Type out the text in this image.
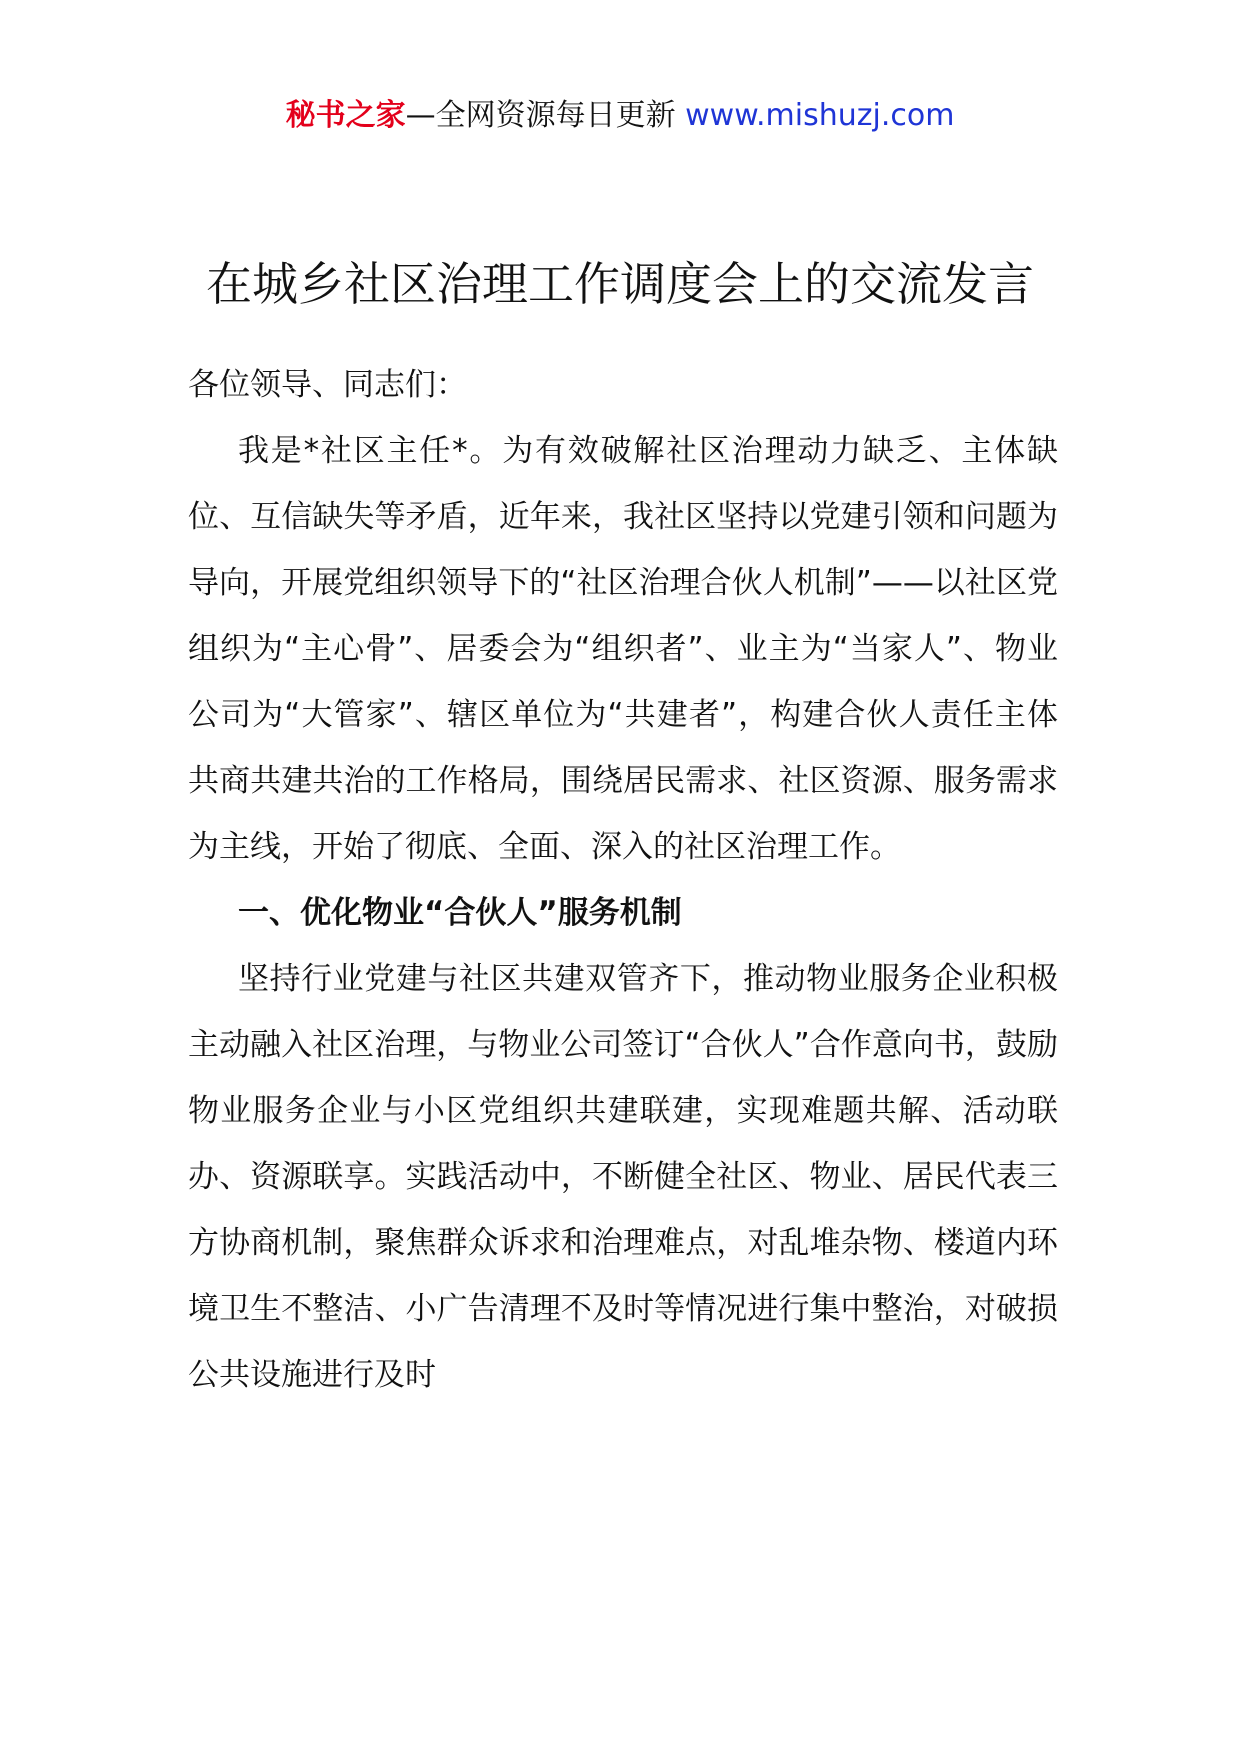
秘书之家—全网资源每日更新 www.mishuzj.com
在城乡社区治理工作调度会上的交流发言

各位领导、同志们：

我是*社区主任*。为有效破解社区治理动力缺乏、主体缺位、互信缺失等矛盾，近年来，我社区坚持以党建引领和问题为导向，开展党组织领导下的“社区治理合伙人机制”——以社区党组织为“主心骨”、居委会为“组织者”、业主为“当家人”、物业公司为“大管家”、辖区单位为“共建者”，构建合伙人责任主体共商共建共治的工作格局，围绕居民需求、社区资源、服务需求为主线，开始了彻底、全面、深入的社区治理工作。

一、优化物业“合伙人”服务机制

坚持行业党建与社区共建双管齐下，推动物业服务企业积极主动融入社区治理，与物业公司签订“合伙人”合作意向书，鼓励物业服务企业与小区党组织共建联建，实现难题共解、活动联办、资源联享。实践活动中，不断健全社区、物业、居民代表三方协商机制，聚焦群众诉求和治理难点，对乱堆杂物、楼道内环境卫生不整洁、小广告清理不及时等情况进行集中整治，对破损公共设施进行及时
